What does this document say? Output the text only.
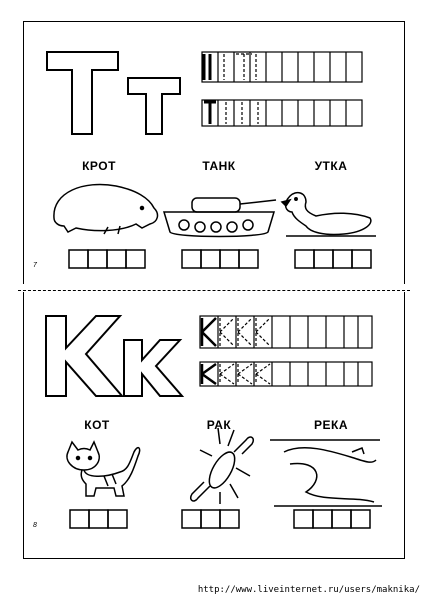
КРОТ	ТАНК	УТКА
7
КОТ	РАК	РЕКА
8
http://www.liveinternet.ru/users/maknika/
